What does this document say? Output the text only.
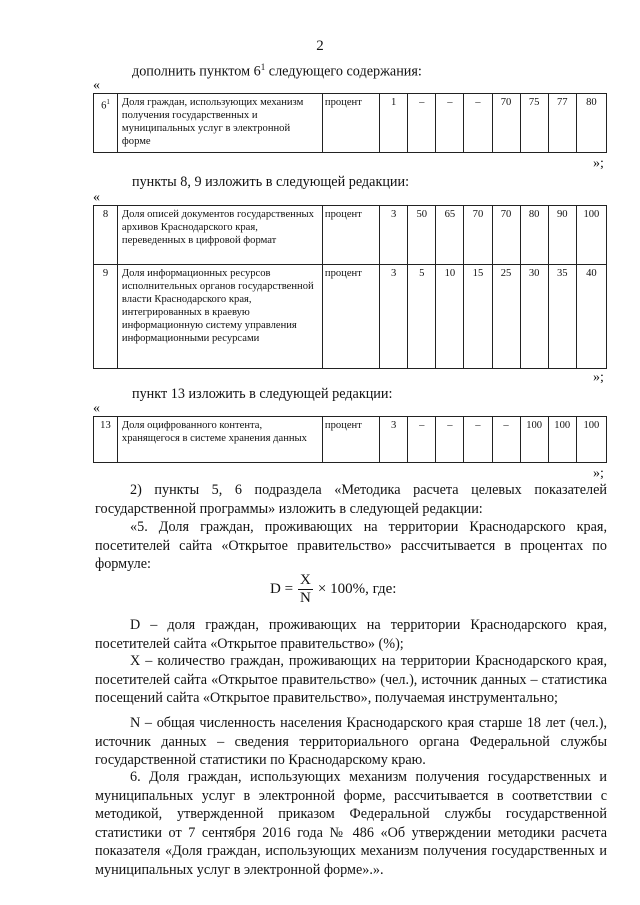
2
дополнить пунктом $6^1$ следующего содержания:
«
$6^1$	Доля граждан, использующих механизм получения государственных и муниципальных услуг в электронной форме	процент	1	–	–	–	70	75	77	80
»;
пункты 8, 9 изложить в следующей редакции:
«
8	Доля описей документов государственных архивов Краснодарского края, переведенных в цифровой формат	процент	3	50	65	70	70	80	90	100
9	Доля информационных ресурсов исполнительных органов государственной власти Краснодарского края, интегрированных в краевую информационную систему управления информационными ресурсами	процент	3	5	10	15	25	30	35	40
»;
пункт 13 изложить в следующей редакции:
«
13	Доля оцифрованного контента, хранящегося в системе хранения данных	процент	3	–	–	–	–	100	100	100
»;
2) пункты 5, 6 подраздела «Методика расчета целевых показателей государственной программы» изложить в следующей редакции:
«5. Доля граждан, проживающих на территории Краснодарского края, посетителей сайта «Открытое правительство» рассчитывается в процентах по формуле:
$D = \frac{X}{N} \times 100\%$, где:
D – доля граждан, проживающих на территории Краснодарского края, посетителей сайта «Открытое правительство» (%);
X – количество граждан, проживающих на территории Краснодарского края, посетителей сайта «Открытое правительство» (чел.), источник данных – статистика посещений сайта «Открытое правительство», получаемая инструментально;
N – общая численность населения Краснодарского края старше 18 лет (чел.), источник данных – сведения территориального органа Федеральной службы государственной статистики по Краснодарскому краю.
6. Доля граждан, использующих механизм получения государственных и муниципальных услуг в электронной форме, рассчитывается в соответствии с методикой, утвержденной приказом Федеральной службы государственной статистики от 7 сентября 2016 года № 486 «Об утверждении методики расчета показателя «Доля граждан, использующих механизм получения государственных и муниципальных услуг в электронной форме».».
